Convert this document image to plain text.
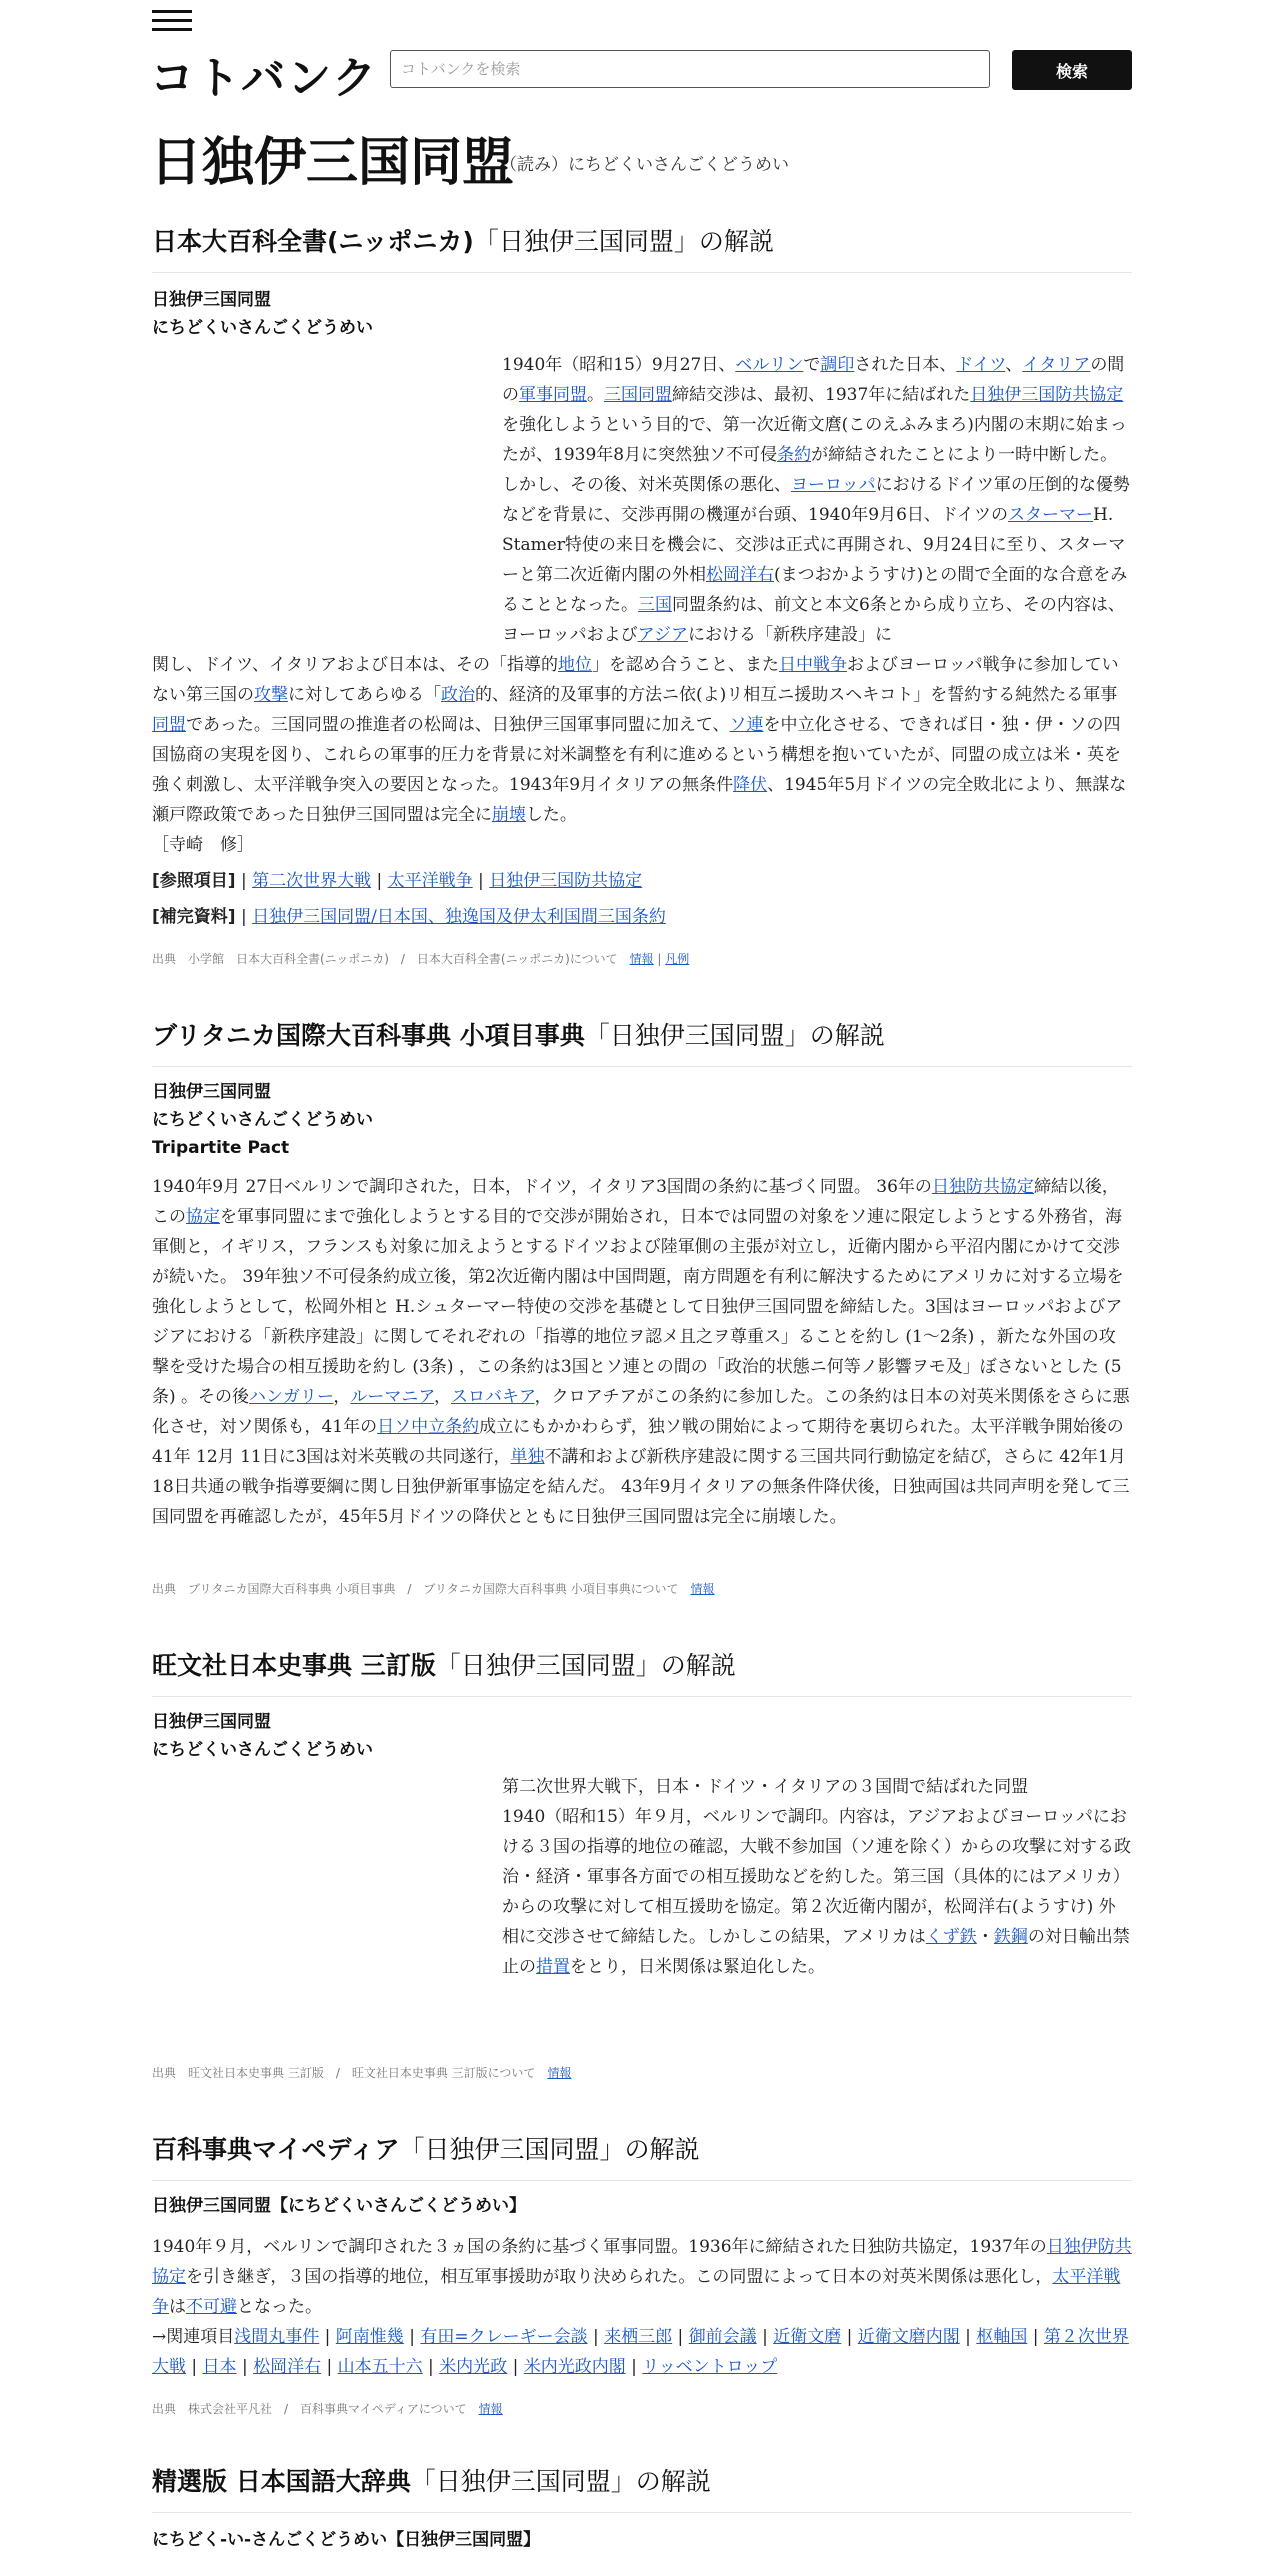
コトバンク	コトバンクを検索	検索
日独伊三国同盟
（読み）にちどくいさんごくどうめい
日本大百科全書(ニッポニカ)「日独伊三国同盟」の解説
日独伊三国同盟
にちどくいさんごくどうめい
1940年（昭和15）9月27日、ベルリンで調印された日本、ドイツ、イタリアの間の軍事同盟。三国同盟締結交渉は、最初、1937年に結ばれた日独伊三国防共協定を強化しようという目的で、第一次近衛文麿(このえふみまろ)内閣の末期に始まったが、1939年8月に突然独ソ不可侵条約が締結されたことにより一時中断した。しかし、その後、対米英関係の悪化、ヨーロッパにおけるドイツ軍の圧倒的な優勢などを背景に、交渉再開の機運が台頭、1940年9月6日、ドイツのスターマーH. Stamer特使の来日を機会に、交渉は正式に再開され、9月24日に至り、スターマーと第二次近衛内閣の外相松岡洋右(まつおかようすけ)との間で全面的な合意をみることとなった。三国同盟条約は、前文と本文6条とから成り立ち、その内容は、ヨーロッパおよびアジアにおける「新秩序建設」に
関し、ドイツ、イタリアおよび日本は、その「指導的地位」を認め合うこと、また日中戦争およびヨーロッパ戦争に参加していない第三国の攻撃に対してあらゆる「政治的、経済的及軍事的方法ニ依(よ)リ相互ニ援助スヘキコト」を誓約する純然たる軍事同盟であった。三国同盟の推進者の松岡は、日独伊三国軍事同盟に加えて、ソ連を中立化させる、できれば日・独・伊・ソの四国協商の実現を図り、これらの軍事的圧力を背景に対米調整を有利に進めるという構想を抱いていたが、同盟の成立は米・英を強く刺激し、太平洋戦争突入の要因となった。1943年9月イタリアの無条件降伏、1945年5月ドイツの完全敗北により、無謀な瀬戸際政策であった日独伊三国同盟は完全に崩壊した。
［寺崎　修］
[参照項目] | 第二次世界大戦 | 太平洋戦争 | 日独伊三国防共協定
[補完資料] | 日独伊三国同盟/日本国、独逸国及伊太利国間三国条約
出典　小学館　日本大百科全書(ニッポニカ)　/　日本大百科全書(ニッポニカ)について　 情報 | 凡例
ブリタニカ国際大百科事典 小項目事典「日独伊三国同盟」の解説
日独伊三国同盟
にちどくいさんごくどうめい
Tripartite Pact
1940年9月 27日ベルリンで調印された，日本，ドイツ，イタリア3国間の条約に基づく同盟。 36年の日独防共協定締結以後，この協定を軍事同盟にまで強化しようとする目的で交渉が開始され，日本では同盟の対象をソ連に限定しようとする外務省，海軍側と，イギリス，フランスも対象に加えようとするドイツおよび陸軍側の主張が対立し，近衛内閣から平沼内閣にかけて交渉が続いた。 39年独ソ不可侵条約成立後，第2次近衛内閣は中国問題，南方問題を有利に解決するためにアメリカに対する立場を強化しようとして，松岡外相と H.シュターマー特使の交渉を基礎として日独伊三国同盟を締結した。3国はヨーロッパおよびアジアにおける「新秩序建設」に関してそれぞれの「指導的地位ヲ認メ且之ヲ尊重ス」ることを約し (1～2条) ，新たな外国の攻撃を受けた場合の相互援助を約し (3条) ，この条約は3国とソ連との間の「政治的状態ニ何等ノ影響ヲモ及」ぼさないとした (5条) 。その後ハンガリー，ルーマニア，スロバキア，クロアチアがこの条約に参加した。この条約は日本の対英米関係をさらに悪化させ，対ソ関係も，41年の日ソ中立条約成立にもかかわらず，独ソ戦の開始によって期待を裏切られた。太平洋戦争開始後の 41年 12月 11日に3国は対米英戦の共同遂行，単独不講和および新秩序建設に関する三国共同行動協定を結び，さらに 42年1月 18日共通の戦争指導要綱に関し日独伊新軍事協定を結んだ。 43年9月イタリアの無条件降伏後，日独両国は共同声明を発して三国同盟を再確認したが，45年5月ドイツの降伏とともに日独伊三国同盟は完全に崩壊した。
出典　ブリタニカ国際大百科事典 小項目事典　/　ブリタニカ国際大百科事典 小項目事典について　 情報
旺文社日本史事典 三訂版「日独伊三国同盟」の解説
日独伊三国同盟
にちどくいさんごくどうめい
第二次世界大戦下，日本・ドイツ・イタリアの３国間で結ばれた同盟
1940（昭和15）年９月，ベルリンで調印。内容は，アジアおよびヨーロッパにおける３国の指導的地位の確認，大戦不参加国（ソ連を除く）からの攻撃に対する政治・経済・軍事各方面での相互援助などを約した。第三国（具体的にはアメリカ）からの攻撃に対して相互援助を協定。第２次近衛内閣が，松岡洋右(ようすけ) 外相に交渉させて締結した。しかしこの結果，アメリカはくず鉄・鉄鋼の対日輸出禁止の措置をとり，日米関係は緊迫化した。
出典　旺文社日本史事典 三訂版　/　旺文社日本史事典 三訂版について　 情報
百科事典マイペディア「日独伊三国同盟」の解説
日独伊三国同盟【にちどくいさんごくどうめい】
1940年９月，ベルリンで調印された３ヵ国の条約に基づく軍事同盟。1936年に締結された日独防共協定，1937年の日独伊防共協定を引き継ぎ，３国の指導的地位，相互軍事援助が取り決められた。この同盟によって日本の対英米関係は悪化し，太平洋戦争は不可避となった。
→関連項目浅間丸事件 | 阿南惟幾 | 有田=クレーギー会談 | 来栖三郎 | 御前会議 | 近衛文磨 | 近衛文磨内閣 | 枢軸国 | 第２次世界大戦 | 日本 | 松岡洋右 | 山本五十六 | 米内光政 | 米内光政内閣 | リッベントロップ
出典　株式会社平凡社　/　百科事典マイペディアについて　 情報
精選版 日本国語大辞典「日独伊三国同盟」の解説
にちどく‐い‐さんごくどうめい【日独伊三国同盟】
